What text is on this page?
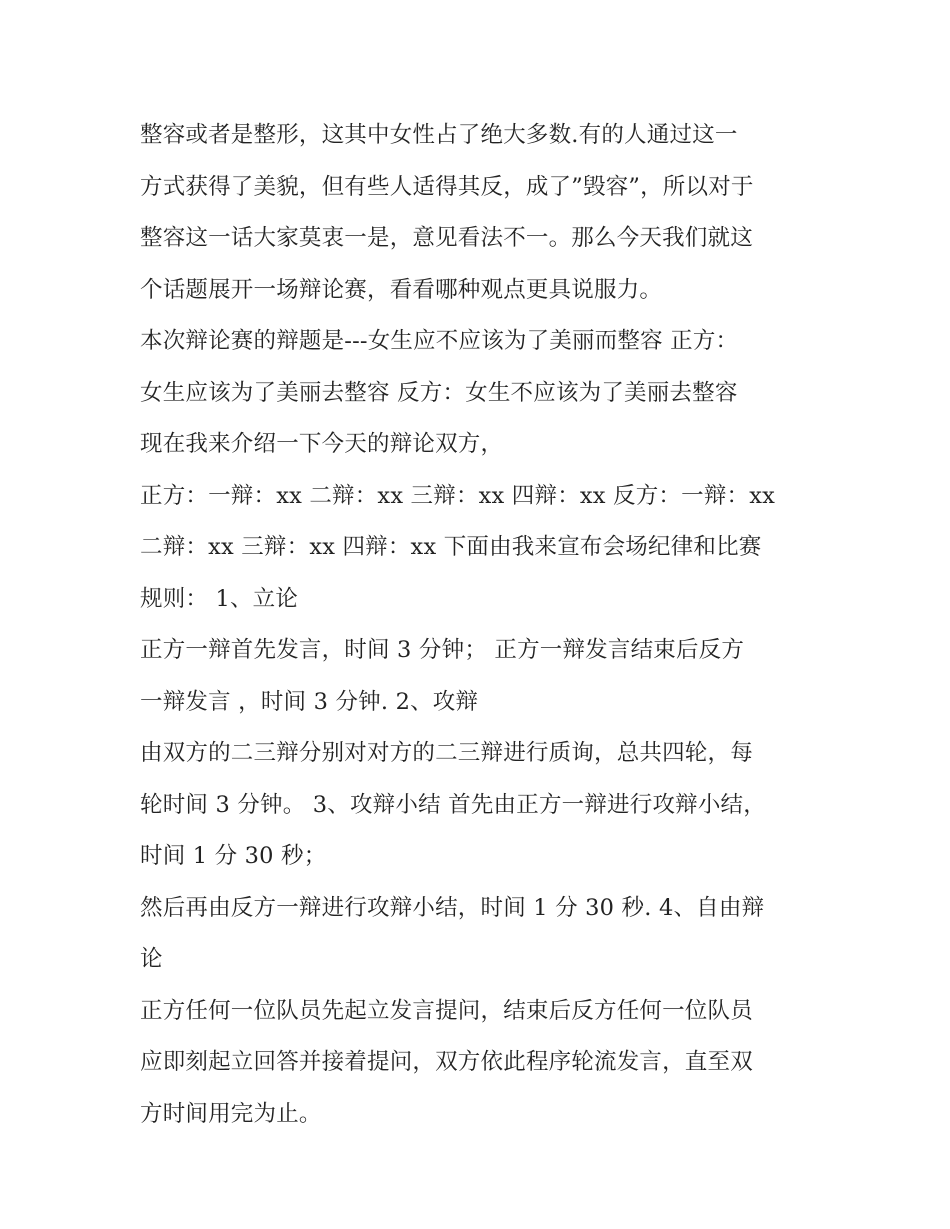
整容或者是整形，这其中女性占了绝大多数.有的人通过这一
方式获得了美貌，但有些人适得其反，成了”毁容”，所以对于
整容这一话大家莫衷一是，意见看法不一。那么今天我们就这
个话题展开一场辩论赛，看看哪种观点更具说服力。
本次辩论赛的辩题是---女生应不应该为了美丽而整容 正方：
女生应该为了美丽去整容 反方：女生不应该为了美丽去整容
现在我来介绍一下今天的辩论双方，
正方：一辩：xx 二辩：xx 三辩：xx 四辩：xx 反方：一辩：xx
二辩：xx 三辩：xx 四辩：xx 下面由我来宣布会场纪律和比赛
规则： 1、立论
正方一辩首先发言，时间 3 分钟； 正方一辩发言结束后反方
一辩发言 ，时间 3 分钟. 2、攻辩
由双方的二三辩分别对对方的二三辩进行质询，总共四轮，每
轮时间 3 分钟。 3、攻辩小结 首先由正方一辩进行攻辩小结，
时间 1 分 30 秒；
然后再由反方一辩进行攻辩小结，时间 1 分 30 秒. 4、自由辩
论
正方任何一位队员先起立发言提问，结束后反方任何一位队员
应即刻起立回答并接着提问，双方依此程序轮流发言，直至双
方时间用完为止。
